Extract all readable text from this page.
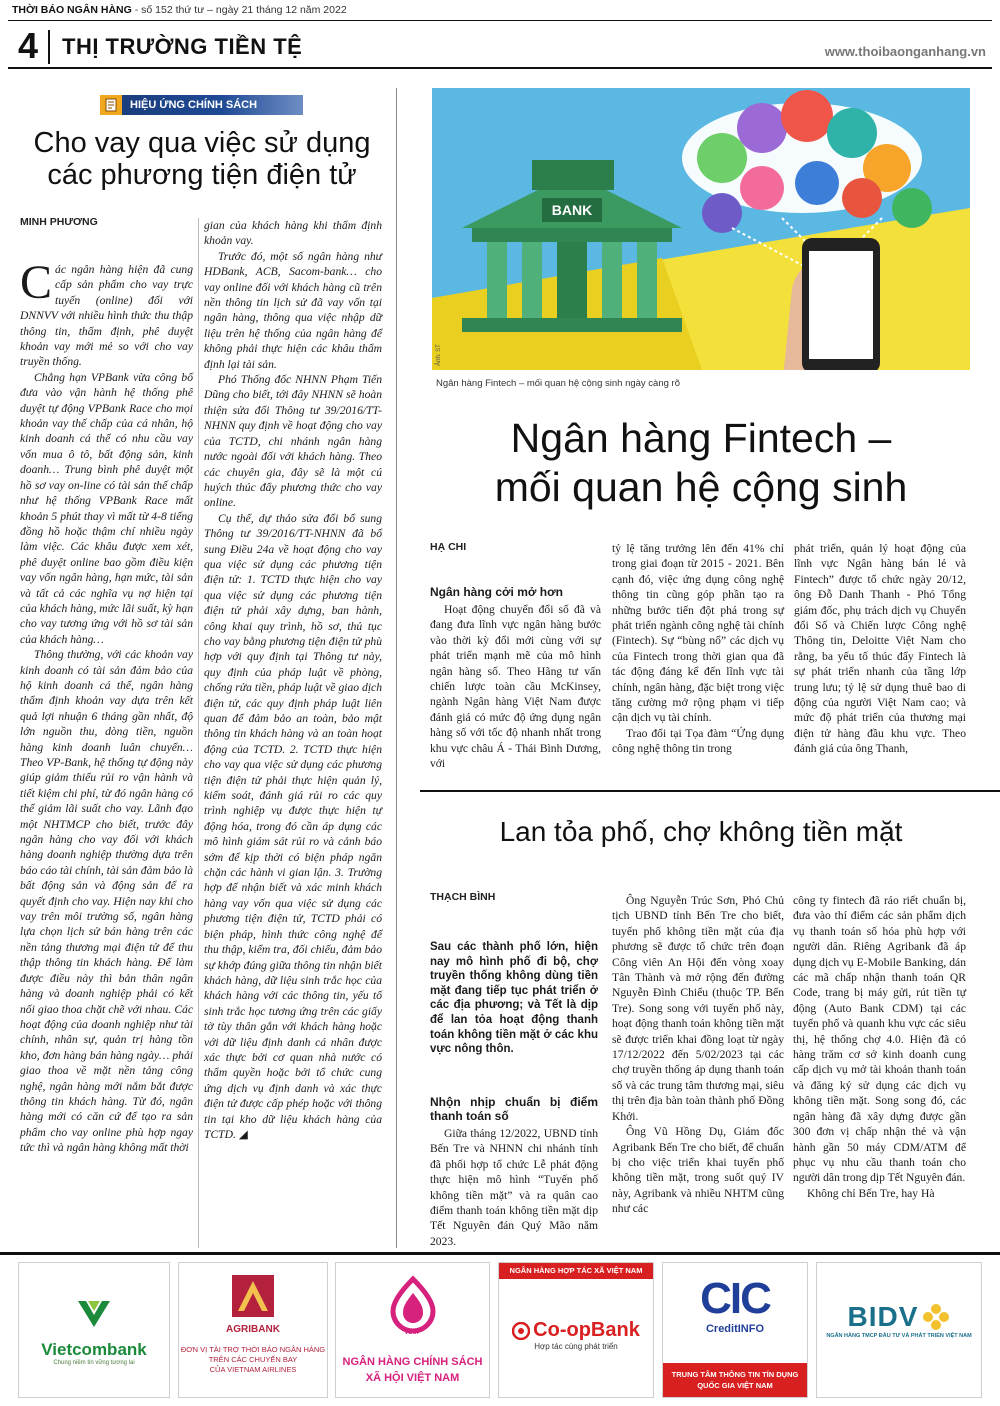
THỜI BÁO NGÂN HÀNG - số 152 thứ tư – ngày 21 tháng 12 năm 2022
4 THỊ TRƯỜNG TIỀN TỆ	www.thoibaonganhang.vn
HIỆU ỨNG CHÍNH SÁCH
Cho vay qua việc sử dụng các phương tiện điện tử
MINH PHƯƠNG

Các ngân hàng hiện đã cung cấp sản phẩm cho vay trực tuyến (online) đối với DNNVV với nhiều hình thức thu thập thông tin, thẩm định, phê duyệt khoản vay mới mẻ so với cho vay truyền thống.

Chẳng hạn VPBank vừa công bố đưa vào vận hành hệ thống phê duyệt tự động VPBank Race cho mọi khoản vay thế chấp của cá nhân, hộ kinh doanh cá thể có nhu cầu vay vốn mua ô tô, bất động sản, kinh doanh… Trung bình phê duyệt một hồ sơ vay on-line có tài sản thế chấp như hệ thống VPBank Race mất khoản 5 phút thay vì mất từ 4-8 tiếng đồng hồ hoặc thậm chí nhiều ngày làm việc. Các khâu được xem xét, phê duyệt online bao gồm điều kiện vay vốn ngân hàng, hạn mức, tài sản và tất cả các nghĩa vụ nợ hiện tại của khách hàng, mức lãi suất, kỳ hạn cho vay tương ứng với hồ sơ tài sản của khách hàng…

Thông thường, với các khoản vay kinh doanh có tài sản đảm bảo của hộ kinh doanh cá thể, ngân hàng thẩm định khoản vay dựa trên kết quả lợi nhuận 6 tháng gần nhất, độ lớn nguồn thu, dòng tiền, nguồn hàng kinh doanh luân chuyển… Theo VP-Bank, hệ thống tự động này giúp giảm thiểu rủi ro vận hành và tiết kiệm chi phí, từ đó ngân hàng có thể giảm lãi suất cho vay. Lãnh đạo một NHTMCP cho biết, trước đây ngân hàng cho vay đối với khách hàng doanh nghiệp thường dựa trên báo cáo tài chính, tài sản đảm bảo là bất động sản và động sản để ra quyết định cho vay. Hiện nay khi cho vay trên môi trường số, ngân hàng lựa chọn lịch sử bán hàng trên các nền tảng thương mại điện tử để thu thập thông tin khách hàng. Để làm được điều này thì bản thân ngân hàng và doanh nghiệp phải có kết nối giao thoa chặt chẽ với nhau. Các hoạt động của doanh nghiệp như tài chính, nhân sự, quản trị hàng tồn kho, đơn hàng bán hàng ngày… phải giao thoa về mặt nền tảng công nghệ, ngân hàng mới nắm bắt được thông tin khách hàng. Từ đó, ngân hàng mới có căn cứ để tạo ra sản phẩm cho vay online phù hợp ngay tức thì và ngân hàng không mất thời

gian của khách hàng khi thẩm định khoản vay.

Trước đó, một số ngân hàng như HDBank, ACB, Sacom-bank… cho vay online đối với khách hàng cũ trên nền thông tin lịch sử đã vay vốn tại ngân hàng, thông qua việc nhập dữ liệu trên hệ thống của ngân hàng để không phải thực hiện các khâu thẩm định lại tài sản.

Phó Thống đốc NHNN Phạm Tiến Dũng cho biết, tới đây NHNN sẽ hoàn thiện sửa đổi Thông tư 39/2016/TT-NHNN quy định về hoạt động cho vay của TCTD, chi nhánh ngân hàng nước ngoài đối với khách hàng. Theo các chuyên gia, đây sẽ là một cú huých thúc đẩy phương thức cho vay online.

Cụ thể, dự thảo sửa đổi bổ sung Thông tư 39/2016/TT-NHNN đã bổ sung Điều 24a về hoạt động cho vay qua việc sử dụng các phương tiện điện tử: 1. TCTD thực hiện cho vay qua việc sử dụng các phương tiện điện tử phải xây dựng, ban hành, công khai quy trình, hồ sơ, thủ tục cho vay bằng phương tiện điện tử phù hợp với quy định tại Thông tư này, quy định của pháp luật về phòng, chống rửa tiền, pháp luật về giao dịch điện tử, các quy định pháp luật liên quan để đảm bảo an toàn, bảo mật thông tin khách hàng và an toàn hoạt động của TCTD. 2. TCTD thực hiện cho vay qua việc sử dụng các phương tiện điện tử phải thực hiện quản lý, kiểm soát, đánh giá rủi ro các quy trình nghiệp vụ được thực hiện tự động hóa, trong đó cần áp dụng các mô hình giám sát rủi ro và cảnh báo sớm để kịp thời có biện pháp ngăn chặn các hành vi gian lận. 3. Trường hợp để nhận biết và xác minh khách hàng vay vốn qua việc sử dụng các phương tiện điện tử, TCTD phải có biện pháp, hình thức công nghệ để thu thập, kiểm tra, đối chiếu, đảm bảo sự khớp đúng giữa thông tin nhận biết khách hàng, dữ liệu sinh trắc học của khách hàng với các thông tin, yếu tố sinh trắc học tương ứng trên các giấy tờ tùy thân gắn với khách hàng hoặc với dữ liệu định danh cá nhân được xác thực bởi cơ quan nhà nước có thẩm quyền hoặc bởi tổ chức cung ứng dịch vụ định danh và xác thực điện tử được cấp phép hoặc với thông tin tại kho dữ liệu khách hàng của TCTD. ◢

BANK
Ảnh: ST
Ngân hàng Fintech – mối quan hệ cộng sinh ngày càng rõ
Ngân hàng Fintech –
mối quan hệ cộng sinh
HẠ CHI

Ngân hàng cởi mở hơn

Hoạt động chuyển đổi số đã và đang đưa lĩnh vực ngân hàng bước vào thời kỳ đổi mới cùng với sự phát triển mạnh mẽ của mô hình ngân hàng số. Theo Hãng tư vấn chiến lược toàn cầu McKinsey, ngành Ngân hàng Việt Nam được đánh giá có mức độ ứng dụng ngân hàng số với tốc độ nhanh nhất trong khu vực châu Á - Thái Bình Dương, với

tỷ lệ tăng trưởng lên đến 41% chỉ trong giai đoạn từ 2015 - 2021. Bên cạnh đó, việc ứng dụng công nghệ thông tin cũng góp phần tạo ra những bước tiến đột phá trong sự phát triển ngành công nghệ tài chính (Fintech). Sự “bùng nổ” các dịch vụ của Fintech trong thời gian qua đã tác động đáng kể đến lĩnh vực tài chính, ngân hàng, đặc biệt trong việc tăng cường mở rộng phạm vi tiếp cận dịch vụ tài chính.

Trao đổi tại Tọa đàm “Ứng dụng công nghệ thông tin trong

phát triển, quản lý hoạt động của lĩnh vực Ngân hàng bán lẻ và Fintech” được tổ chức ngày 20/12, ông Đỗ Danh Thanh - Phó Tổng giám đốc, phụ trách dịch vụ Chuyển đổi Số và Chiến lược Công nghệ Thông tin, Deloitte Việt Nam cho rằng, ba yếu tố thúc đẩy Fintech là sự phát triển nhanh của tầng lớp trung lưu; tỷ lệ sử dụng thuê bao di động của người Việt Nam cao; và mức độ phát triển của thương mại điện tử hàng đầu khu vực. Theo đánh giá của ông Thanh,

Lan tỏa phố, chợ không tiền mặt
THẠCH BÌNH
Sau các thành phố lớn, hiện nay mô hình phố đi bộ, chợ truyền thống không dùng tiền mặt đang tiếp tục phát triển ở các địa phương; và Tết là dịp để lan tỏa hoạt động thanh toán không tiền mặt ở các khu vực nông thôn.

Nhộn nhịp chuẩn bị điểm thanh toán số

Giữa tháng 12/2022, UBND tỉnh Bến Tre và NHNN chi nhánh tỉnh đã phối hợp tổ chức Lễ phát động thực hiện mô hình “Tuyến phố không tiền mặt” và ra quân cao điểm thanh toán không tiền mặt dịp Tết Nguyên đán Quý Mão năm 2023.

Ông Nguyễn Trúc Sơn, Phó Chủ tịch UBND tỉnh Bến Tre cho biết, tuyến phố không tiền mặt của địa phương sẽ được tổ chức trên đoạn Công viên An Hội đến vòng xoay Tân Thành và mở rộng đến đường Nguyễn Đình Chiểu (thuộc TP. Bến Tre). Song song với tuyến phố này, hoạt động thanh toán không tiền mặt sẽ được triển khai đồng loạt từ ngày 17/12/2022 đến 5/02/2023 tại các chợ truyền thống áp dụng thanh toán số và các trung tâm thương mại, siêu thị trên địa bàn toàn thành phố Đồng Khởi.

Ông Vũ Hồng Dụ, Giám đốc Agribank Bến Tre cho biết, để chuẩn bị cho việc triển khai tuyến phố không tiền mặt, trong suốt quý IV này, Agribank và nhiều NHTM cũng như các

công ty fintech đã ráo riết chuẩn bị, đưa vào thí điểm các sản phẩm dịch vụ thanh toán số hóa phù hợp với người dân. Riêng Agribank đã áp dụng dịch vụ E-Mobile Banking, dán các mã chấp nhận thanh toán QR Code, trang bị máy gửi, rút tiền tự động (Auto Bank CDM) tại các tuyến phố và quanh khu vực các siêu thị, hệ thống chợ 4.0. Hiện đã có hàng trăm cơ sở kinh doanh cung cấp dịch vụ mở tài khoản thanh toán và đăng ký sử dụng các dịch vụ không tiền mặt. Song song đó, các ngân hàng đã xây dựng được gần 300 đơn vị chấp nhận thẻ và vận hành gần 50 máy CDM/ATM để phục vụ nhu cầu thanh toán cho người dân trong dịp Tết Nguyên đán.

Không chỉ Bến Tre, hay Hà

Vietcombank
Chung niềm tin vững tương lai
AGRIBANK
ĐƠN VỊ TÀI TRỢ THỜI BÁO NGÂN HÀNG
TRÊN CÁC CHUYẾN BAY
CỦA VIETNAM AIRLINES
VBSP
NGÂN HÀNG CHÍNH SÁCH
XÃ HỘI VIỆT NAM
NGÂN HÀNG HỢP TÁC XÃ VIỆT NAM
Co-opBank
Hợp tác cùng phát triển
CIC
CreditINFO
TRUNG TÂM THÔNG TIN TÍN DỤNG
QUỐC GIA VIỆT NAM
BIDV
NGÂN HÀNG TMCP ĐẦU TƯ VÀ PHÁT TRIỂN VIỆT NAM
